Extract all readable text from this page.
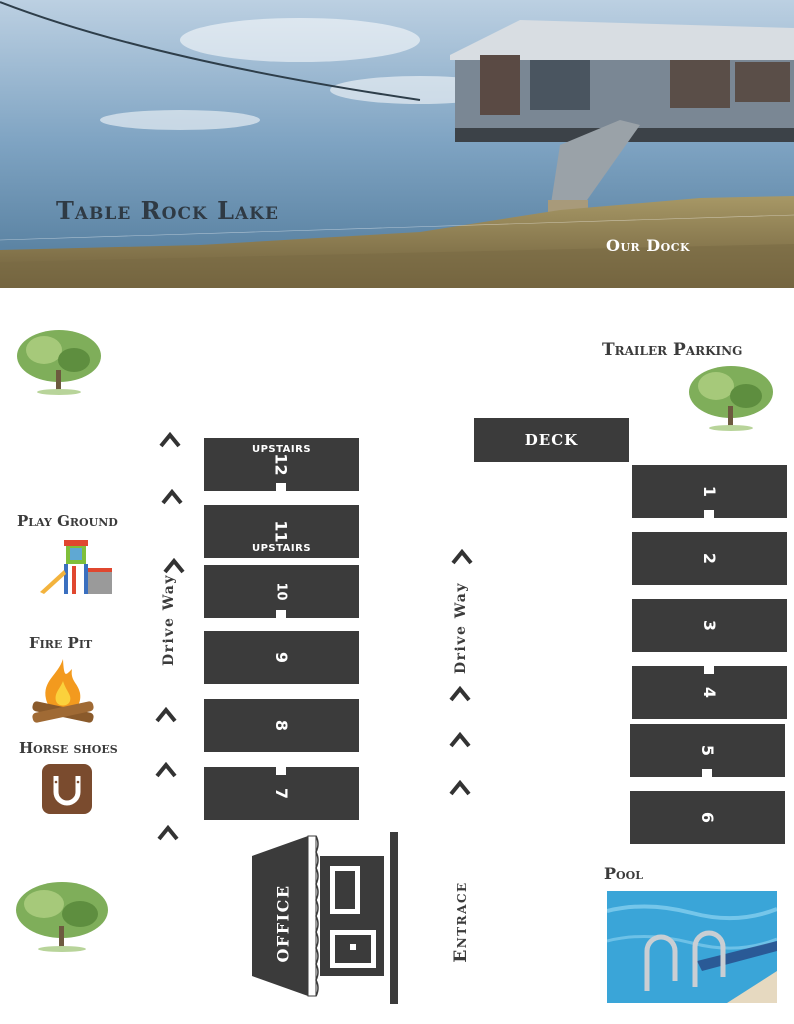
Table Rock Lake
Our Dock
Trailer Parking
DECK
UPSTAIRS
12
11
UPSTAIRS
10
9
8
7
1
2
3
4
5
6
Drive Way	Drive Way
Play Ground
Fire Pit
Horse shoes
OFFICE	Entrace
Pool
